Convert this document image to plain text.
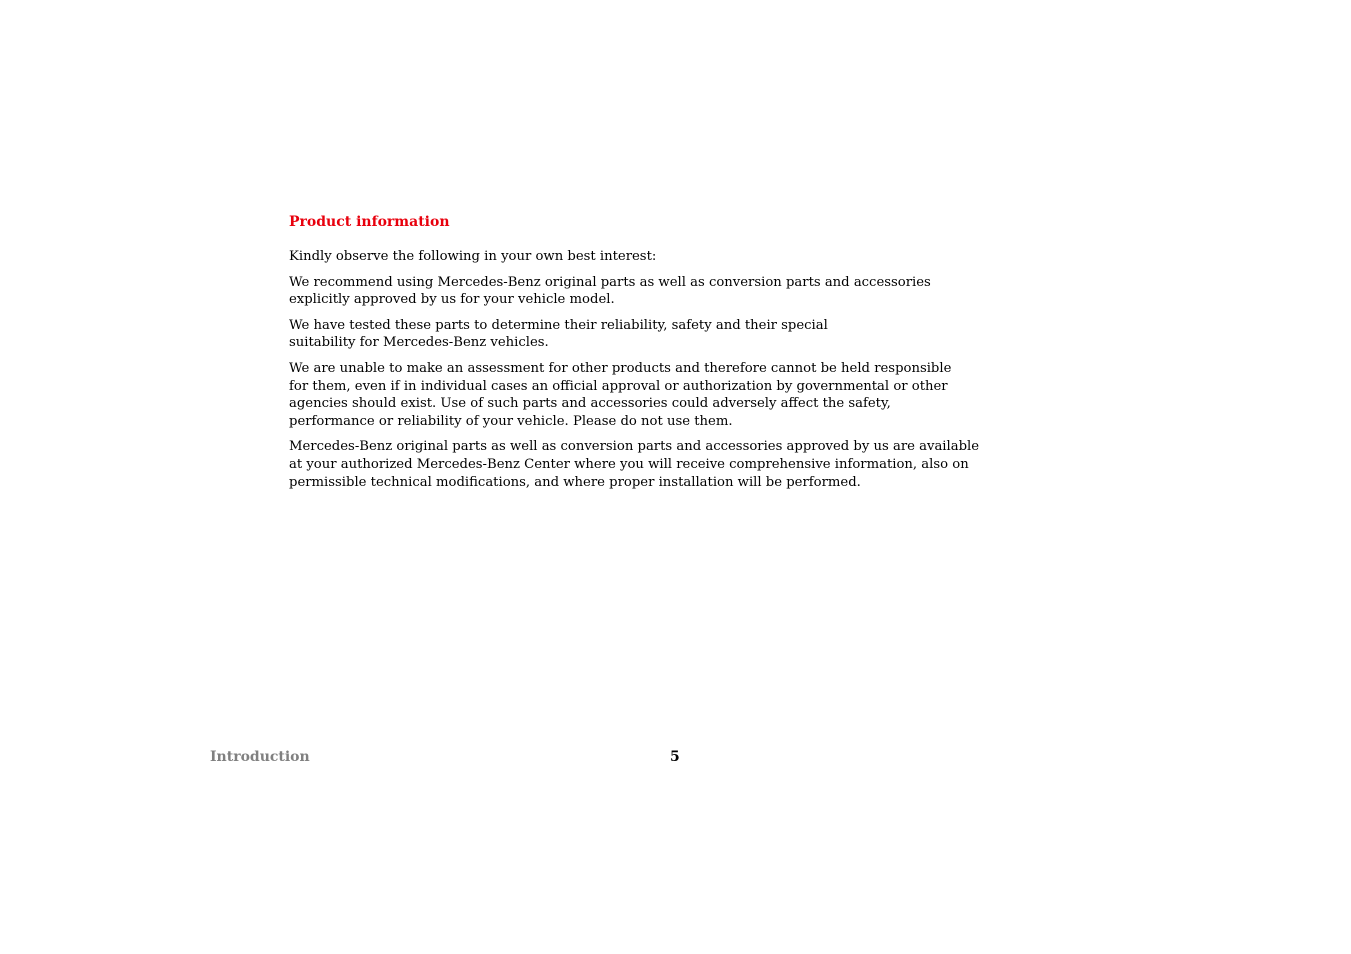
Product information

Kindly observe the following in your own best interest:

We recommend using Mercedes-Benz original parts as well as conversion parts and accessories
explicitly approved by us for your vehicle model.

We have tested these parts to determine their reliability, safety and their special
suitability for Mercedes-Benz vehicles.

We are unable to make an assessment for other products and therefore cannot be held responsible
for them, even if in individual cases an official approval or authorization by governmental or other
agencies should exist. Use of such parts and accessories could adversely affect the safety,
performance or reliability of your vehicle. Please do not use them.

Mercedes-Benz original parts as well as conversion parts and accessories approved by us are available
at your authorized Mercedes-Benz Center where you will receive comprehensive information, also on
permissible technical modifications, and where proper installation will be performed.

Introduction	5
